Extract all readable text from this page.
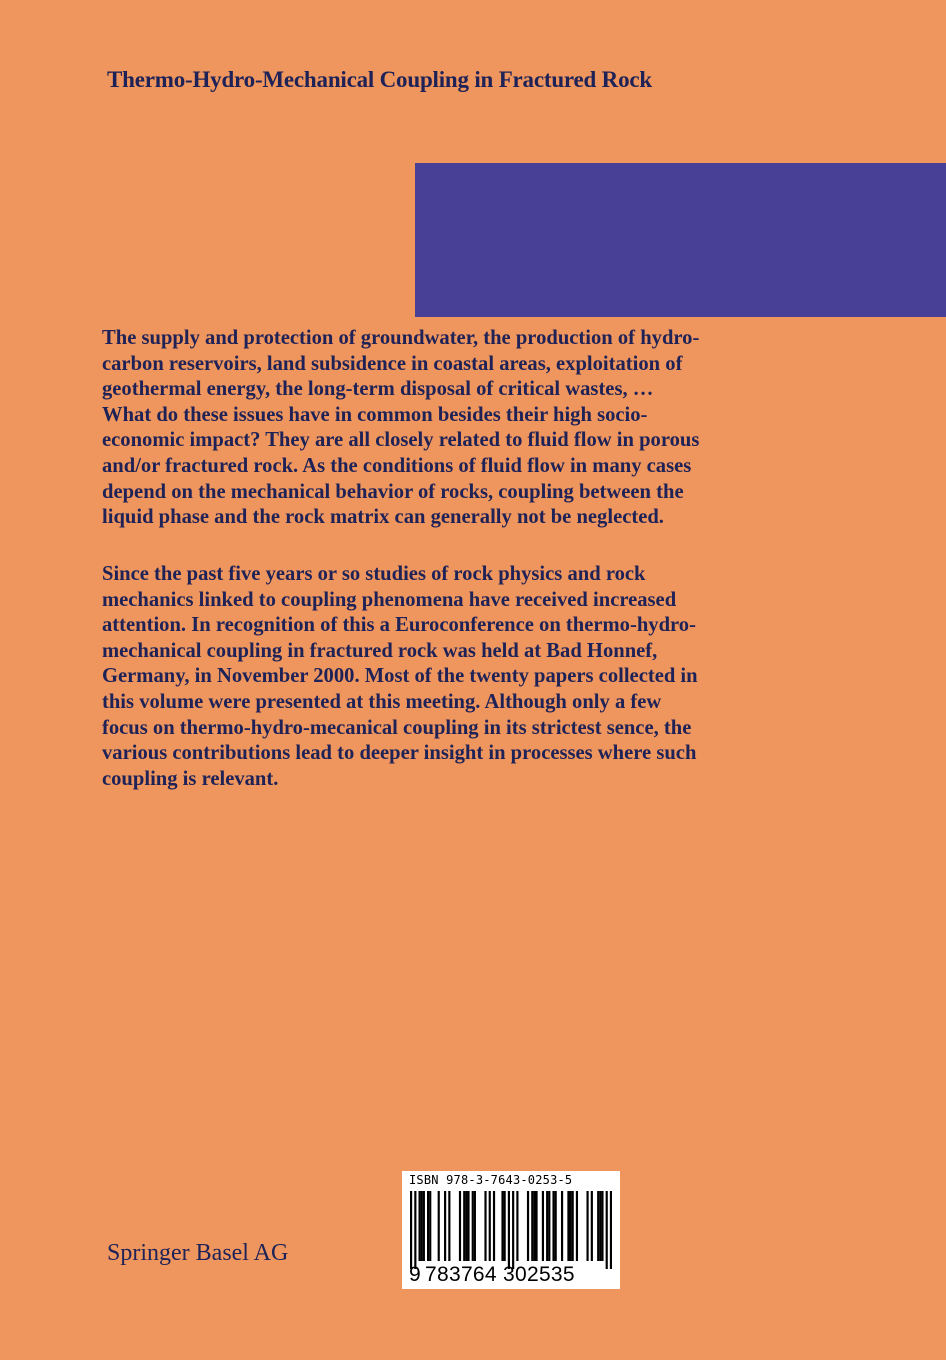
Thermo-Hydro-Mechanical Coupling in Fractured Rock
The supply and protection of groundwater, the production of hydro-
carbon reservoirs, land subsidence in coastal areas, exploitation of
geothermal energy, the long-term disposal of critical wastes, …
What do these issues have in common besides their high socio-
economic impact? They are all closely related to fluid flow in porous
and/or fractured rock. As the conditions of fluid flow in many cases
depend on the mechanical behavior of rocks, coupling between the
liquid phase and the rock matrix can generally not be neglected.
Since the past five years or so studies of rock physics and rock
mechanics linked to coupling phenomena have received increased
attention. In recognition of this a Euroconference on thermo-hydro-
mechanical coupling in fractured rock was held at Bad Honnef,
Germany, in November 2000. Most of the twenty papers collected in
this volume were presented at this meeting. Although only a few
focus on thermo-hydro-mecanical coupling in its strictest sence, the
various contributions lead to deeper insight in processes where such
coupling is relevant.
Springer Basel AG
ISBN 978-3-7643-0253-5
9 783764 302535
